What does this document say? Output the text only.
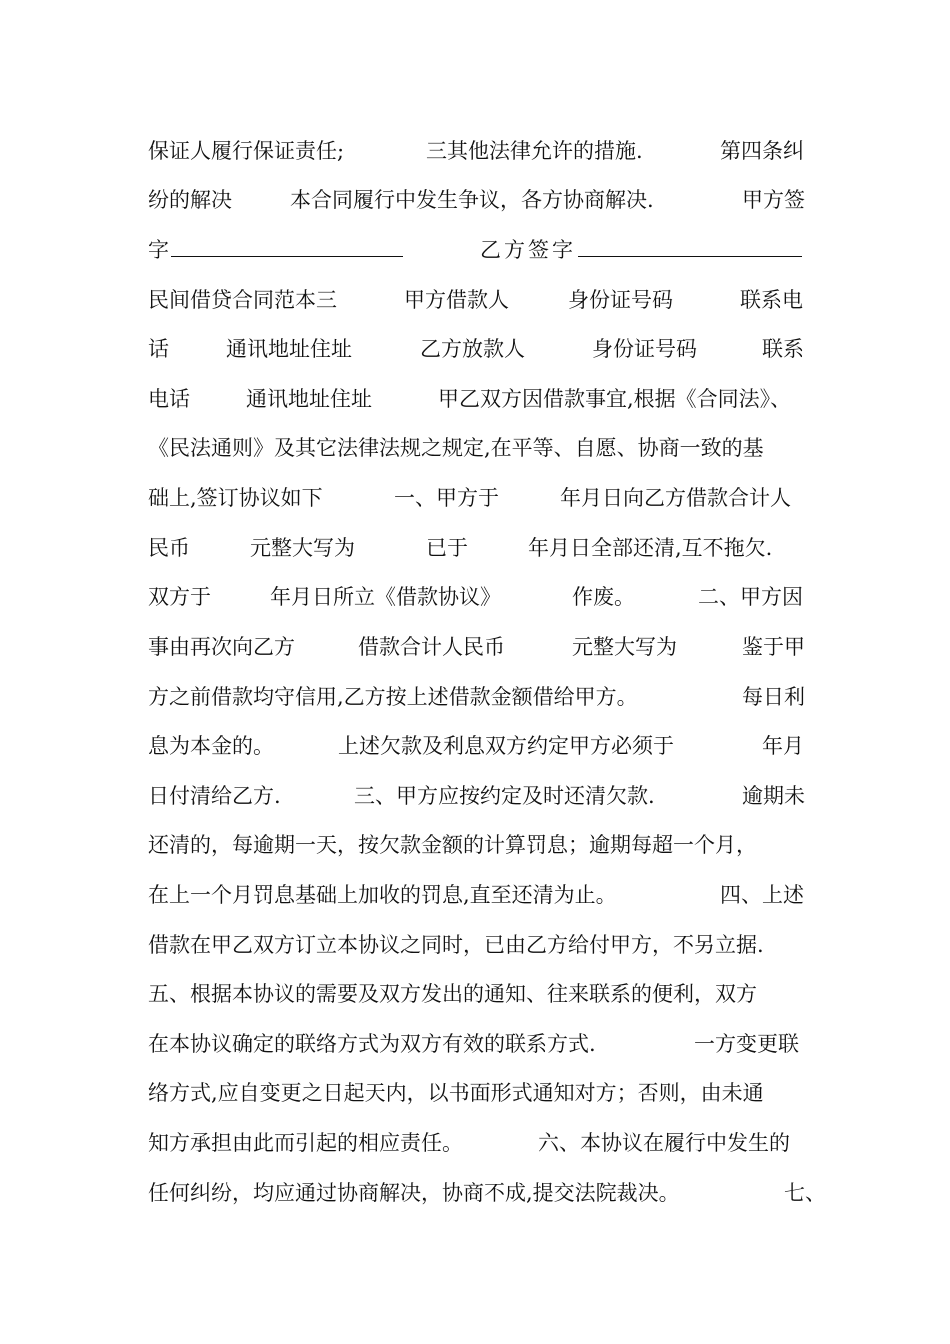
保证人履行保证责任;	三其他法律允许的措施.	第四条纠
纷的解决	本合同履行中发生争议，各方协商解决.	甲方签
字	乙方签字
民间借贷合同范本三	甲方借款人	身份证号码	联系电
话	通讯地址住址	乙方放款人	身份证号码	联系
电话	通讯地址住址	甲乙双方因借款事宜,根据《合同法》、
《民法通则》及其它法律法规之规定,在平等、自愿、协商一致的基
础上,签订协议如下	一、甲方于	年月日向乙方借款合计人
民币	元整大写为	已于	年月日全部还清,互不拖欠.
双方于	年月日所立《借款协议》	作废。	二、甲方因
事由再次向乙方	借款合计人民币	元整大写为	鉴于甲
方之前借款均守信用,乙方按上述借款金额借给甲方。	每日利
息为本金的。	上述欠款及利息双方约定甲方必须于	年月
日付清给乙方.	三、甲方应按约定及时还清欠款.	逾期未
还清的，每逾期一天，按欠款金额的计算罚息；逾期每超一个月，
在上一个月罚息基础上加收的罚息,直至还清为止。	四、上述
借款在甲乙双方订立本协议之同时，已由乙方给付甲方，不另立据.
五、根据本协议的需要及双方发出的通知、往来联系的便利，双方
在本协议确定的联络方式为双方有效的联系方式.	一方变更联
络方式,应自变更之日起天内，以书面形式通知对方；否则，由未通
知方承担由此而引起的相应责任。	六、本协议在履行中发生的
任何纠纷，均应通过协商解决，协商不成,提交法院裁决。	七、
